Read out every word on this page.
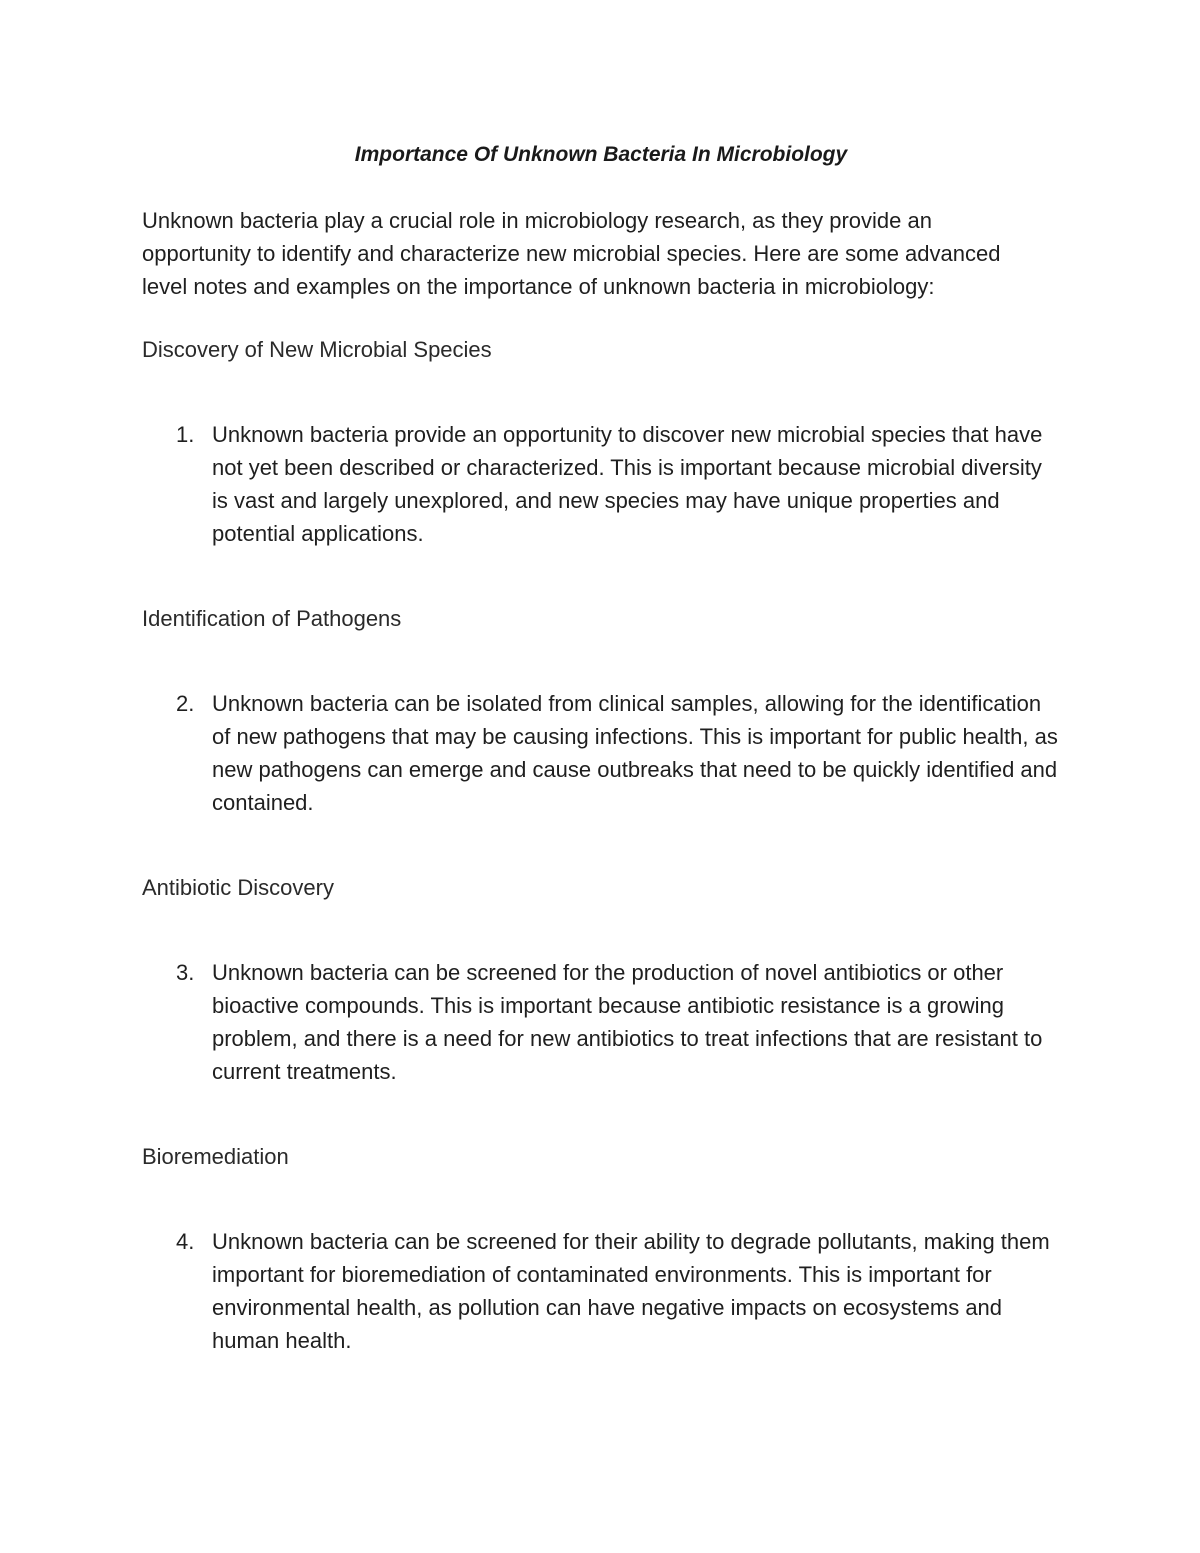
Importance Of Unknown Bacteria In Microbiology

Unknown bacteria play a crucial role in microbiology research, as they provide an opportunity to identify and characterize new microbial species. Here are some advanced level notes and examples on the importance of unknown bacteria in microbiology:

Discovery of New Microbial Species
1. Unknown bacteria provide an opportunity to discover new microbial species that have not yet been described or characterized. This is important because microbial diversity is vast and largely unexplored, and new species may have unique properties and potential applications.
Identification of Pathogens
2. Unknown bacteria can be isolated from clinical samples, allowing for the identification of new pathogens that may be causing infections. This is important for public health, as new pathogens can emerge and cause outbreaks that need to be quickly identified and contained.
Antibiotic Discovery
3. Unknown bacteria can be screened for the production of novel antibiotics or other bioactive compounds. This is important because antibiotic resistance is a growing problem, and there is a need for new antibiotics to treat infections that are resistant to current treatments.
Bioremediation
4. Unknown bacteria can be screened for their ability to degrade pollutants, making them important for bioremediation of contaminated environments. This is important for environmental health, as pollution can have negative impacts on ecosystems and human health.
